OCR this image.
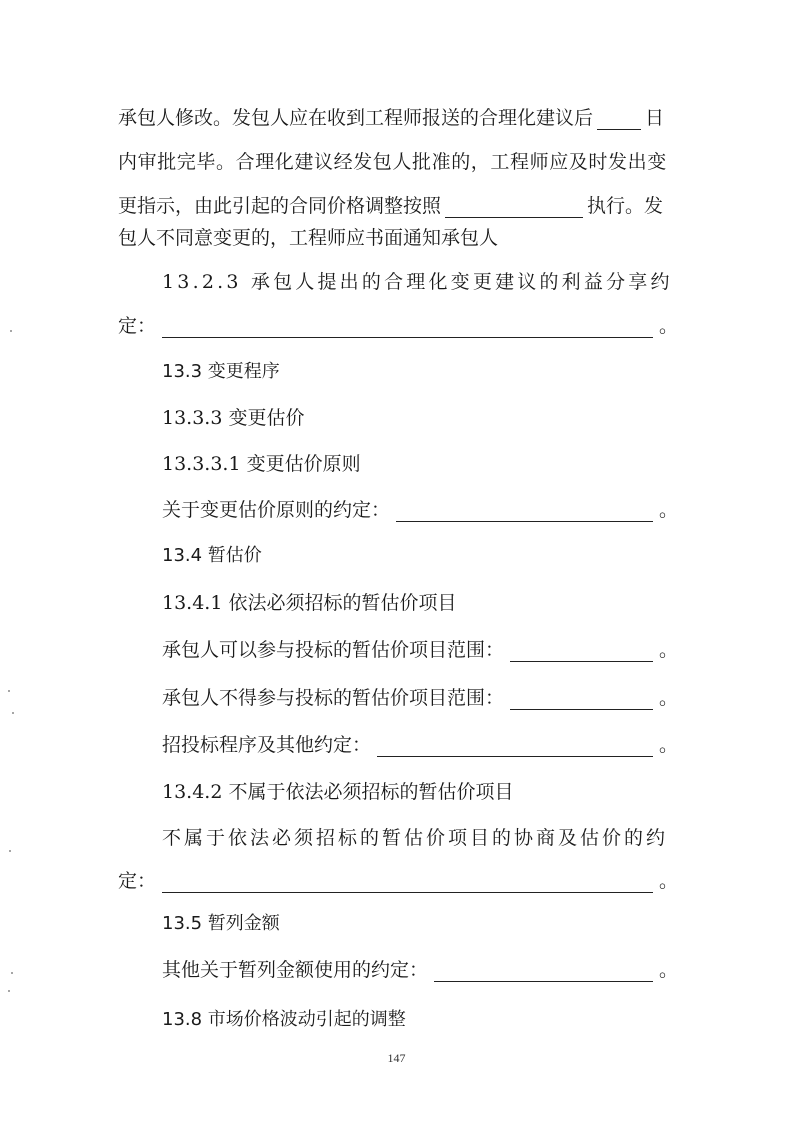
承包人修改。发包人应在收到工程师报送的合理化建议后	日
内审批完毕。合理化建议经发包人批准的，工程师应及时发出变
更指示，由此引起的合同价格调整按照	执行。发
包人不同意变更的，工程师应书面通知承包人
13.2.3 承包人提出的合理化变更建议的利益分享约
定：	。
13.3 变更程序
13.3.3 变更估价
13.3.3.1 变更估价原则
关于变更估价原则的约定：	。
13.4 暂估价
13.4.1 依法必须招标的暂估价项目
承包人可以参与投标的暂估价项目范围：	。
承包人不得参与投标的暂估价项目范围：	。
招投标程序及其他约定：	。
13.4.2 不属于依法必须招标的暂估价项目
不属于依法必须招标的暂估价项目的协商及估价的约
定：	。
13.5 暂列金额
其他关于暂列金额使用的约定：	。
13.8 市场价格波动引起的调整
147
